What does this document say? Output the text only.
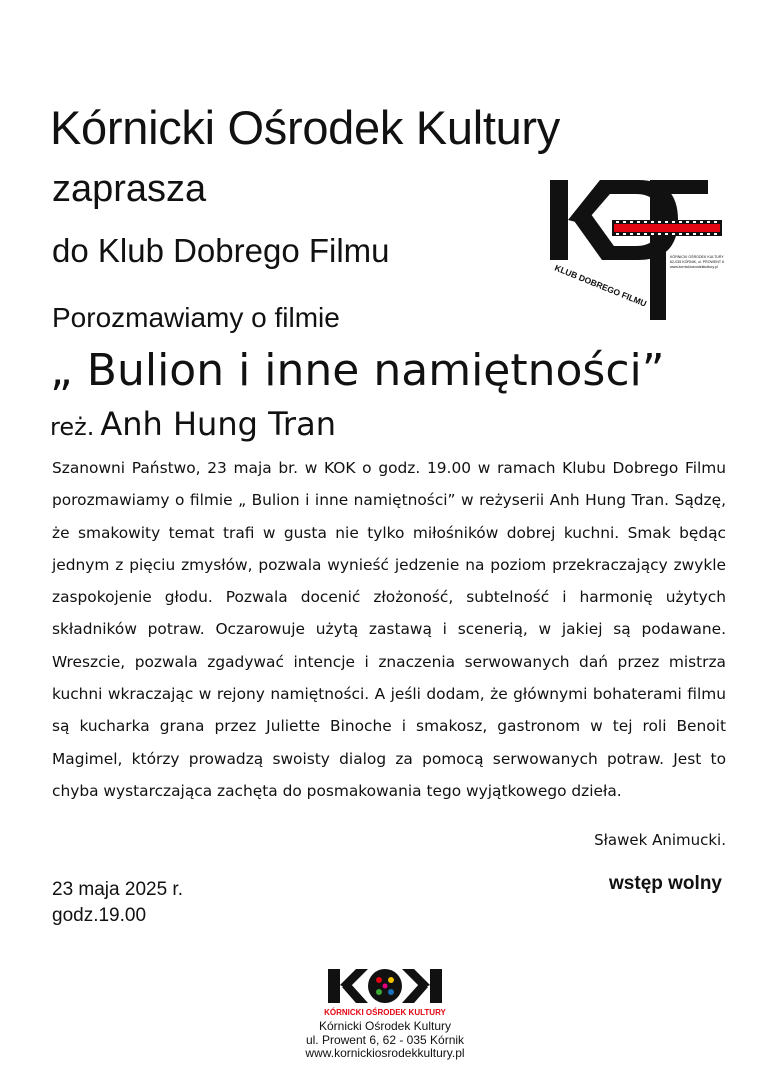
Kórnicki Ośrodek Kultury
zaprasza
do Klub Dobrego Filmu
Porozmawiamy o filmie
„ Bulion i inne namiętności”
reż. Anh Hung Tran
KÓRNICKI OŚRODEK KULTURY
62-035 KÓRNIK, ul. PROWENT 6
www.kornickiosrodekkultury.pl
KLUB DOBREGO FILMU

Szanowni Państwo, 23 maja br. w KOK o godz. 19.00 w ramach Klubu Dobrego Filmu porozmawiamy o filmie „ Bulion i inne namiętności” w reżyserii Anh Hung Tran. Sądzę, że smakowity temat trafi w gusta nie tylko miłośników dobrej kuchni. Smak będąc jednym z pięciu zmysłów, pozwala wynieść jedzenie na poziom przekraczający zwykle zaspokojenie głodu. Pozwala docenić złożoność, subtelność i harmonię użytych składników potraw. Oczarowuje użytą zastawą i scenerią, w jakiej są podawane. Wreszcie, pozwala zgadywać intencje i znaczenia serwowanych dań przez mistrza kuchni wkraczając w rejony namiętności. A jeśli dodam, że głównymi bohaterami filmu są kucharka grana przez Juliette Binoche i smakosz, gastronom w tej roli Benoit Magimel, którzy prowadzą swoisty dialog za pomocą serwowanych potraw. Jest to chyba wystarczająca zachęta do posmakowania tego wyjątkowego dzieła.

Sławek Animucki.
23 maja 2025 r.
godz.19.00
wstęp wolny
KÓRNICKI OŚRODEK KULTURY
Kórnicki Ośrodek Kultury
ul. Prowent 6, 62 - 035 Kórnik
www.kornickiosrodekkultury.pl
